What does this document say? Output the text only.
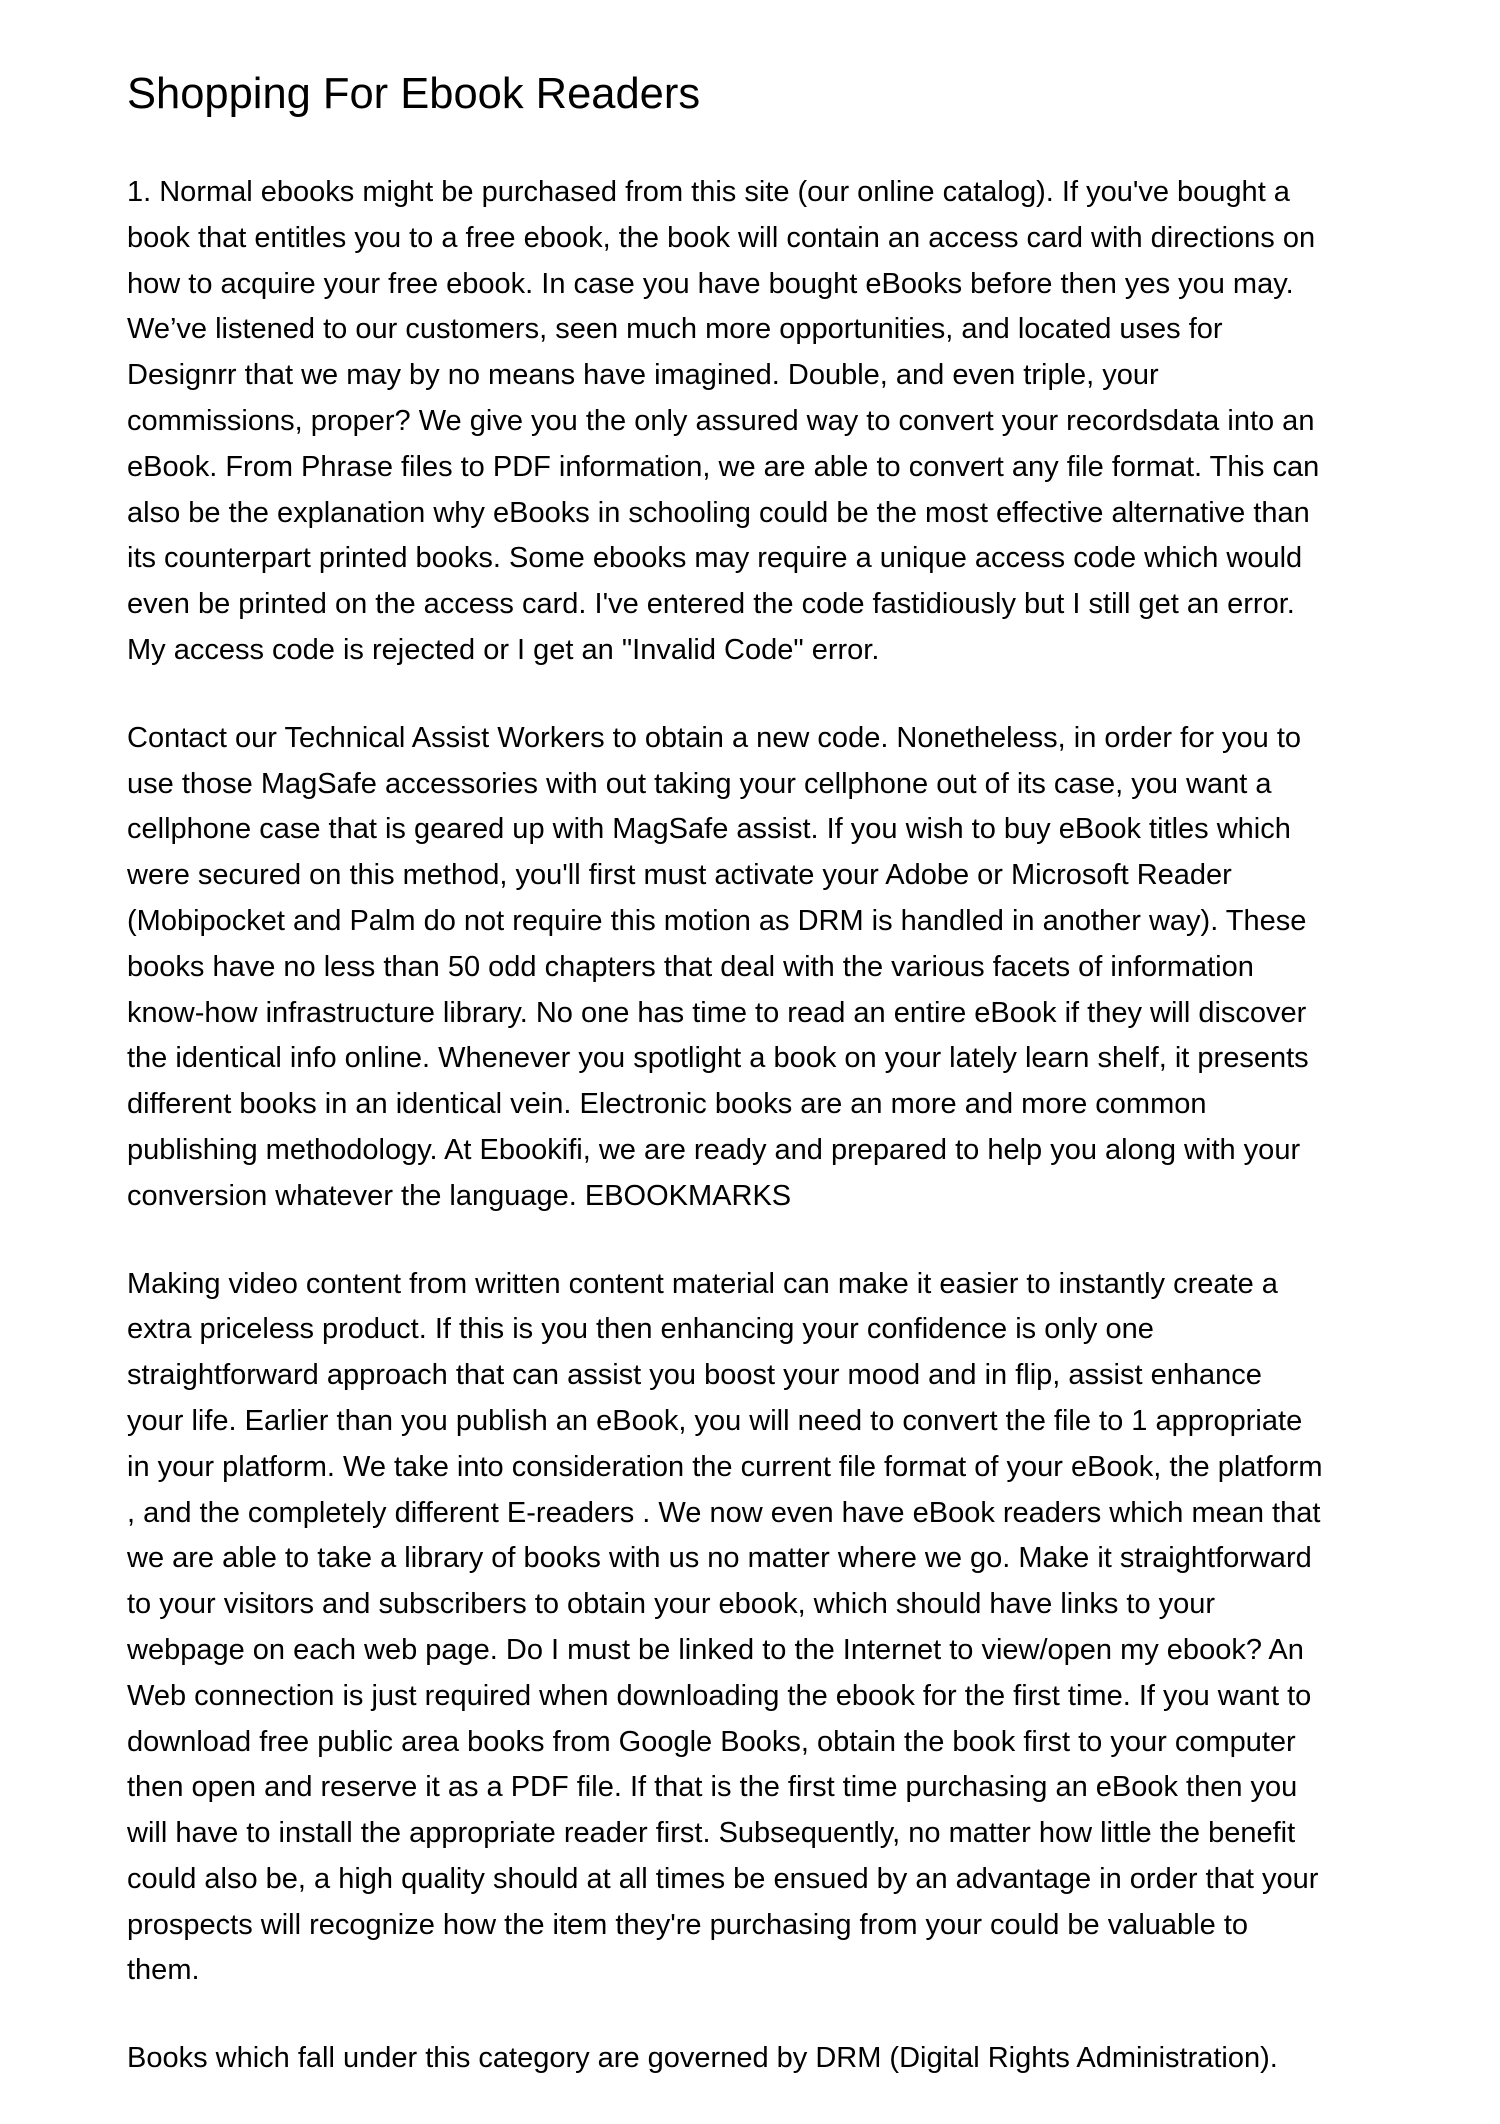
Shopping For Ebook Readers

1. Normal ebooks might be purchased from this site (our online catalog). If you've bought a
book that entitles you to a free ebook, the book will contain an access card with directions on
how to acquire your free ebook. In case you have bought eBooks before then yes you may.
We’ve listened to our customers, seen much more opportunities, and located uses for
Designrr that we may by no means have imagined. Double, and even triple, your
commissions, proper? We give you the only assured way to convert your recordsdata into an
eBook. From Phrase files to PDF information, we are able to convert any file format. This can
also be the explanation why eBooks in schooling could be the most effective alternative than
its counterpart printed books. Some ebooks may require a unique access code which would
even be printed on the access card. I've entered the code fastidiously but I still get an error.
My access code is rejected or I get an "Invalid Code" error.

Contact our Technical Assist Workers to obtain a new code. Nonetheless, in order for you to
use those MagSafe accessories with out taking your cellphone out of its case, you want a
cellphone case that is geared up with MagSafe assist. If you wish to buy eBook titles which
were secured on this method, you'll first must activate your Adobe or Microsoft Reader
(Mobipocket and Palm do not require this motion as DRM is handled in another way). These
books have no less than 50 odd chapters that deal with the various facets of information
know-how infrastructure library. No one has time to read an entire eBook if they will discover
the identical info online. Whenever you spotlight a book on your lately learn shelf, it presents
different books in an identical vein. Electronic books are an more and more common
publishing methodology. At Ebookifi, we are ready and prepared to help you along with your
conversion whatever the language. EBOOKMARKS

Making video content from written content material can make it easier to instantly create a
extra priceless product. If this is you then enhancing your confidence is only one
straightforward approach that can assist you boost your mood and in flip, assist enhance
your life. Earlier than you publish an eBook, you will need to convert the file to 1 appropriate
in your platform. We take into consideration the current file format of your eBook, the platform
, and the completely different E-readers . We now even have eBook readers which mean that
we are able to take a library of books with us no matter where we go. Make it straightforward
to your visitors and subscribers to obtain your ebook, which should have links to your
webpage on each web page. Do I must be linked to the Internet to view/open my ebook? An
Web connection is just required when downloading the ebook for the first time. If you want to
download free public area books from Google Books, obtain the book first to your computer
then open and reserve it as a PDF file. If that is the first time purchasing an eBook then you
will have to install the appropriate reader first. Subsequently, no matter how little the benefit
could also be, a high quality should at all times be ensued by an advantage in order that your
prospects will recognize how the item they're purchasing from your could be valuable to
them.

Books which fall under this category are governed by DRM (Digital Rights Administration).
